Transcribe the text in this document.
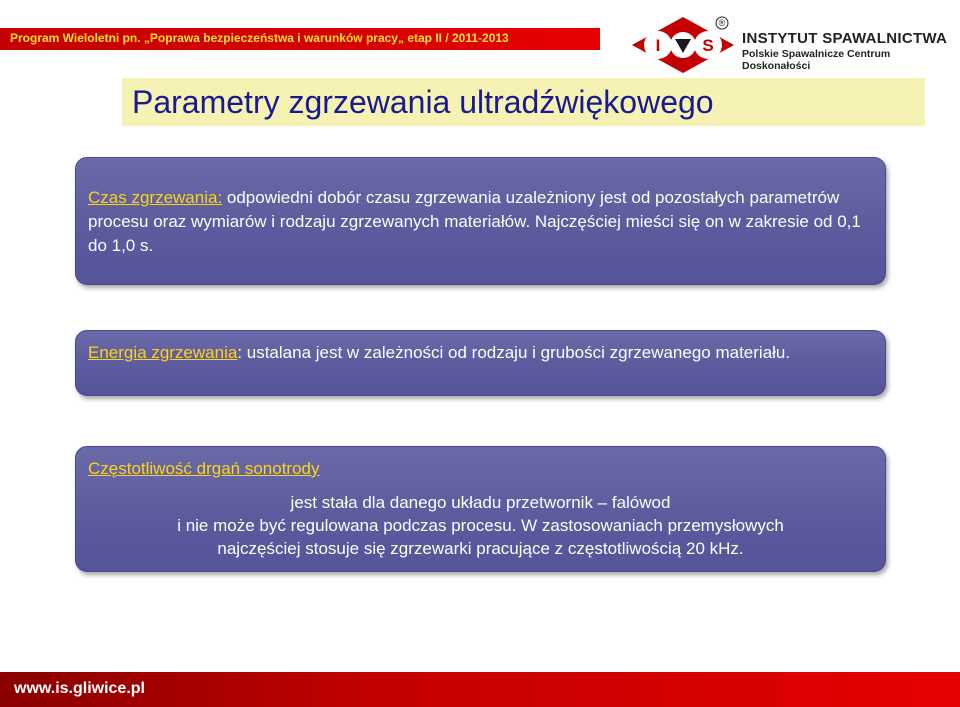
Program Wieloletni pn. „Poprawa bezpieczeństwa i warunków pracy„ etap II / 2011-2013	I S
®
INSTYTUT SPAWALNICTWA
Polskie Spawalnicze Centrum Doskonałości
Parametry zgrzewania ultradźwiękowego
Czas zgrzewania: odpowiedni dobór czasu zgrzewania uzależniony jest od pozostałych parametrów procesu oraz wymiarów i rodzaju zgrzewanych materiałów. Najczęściej mieści się on w zakresie od 0,1 do 1,0 s.
Energia zgrzewania: ustalana jest w zależności od rodzaju i grubości zgrzewanego materiału.
Częstotliwość drgań sonotrody
jest stała dla danego układu przetwornik – falówod
i nie może być regulowana podczas procesu. W zastosowaniach przemysłowych
najczęściej stosuje się zgrzewarki pracujące z częstotliwością 20 kHz.
www.is.gliwice.pl
